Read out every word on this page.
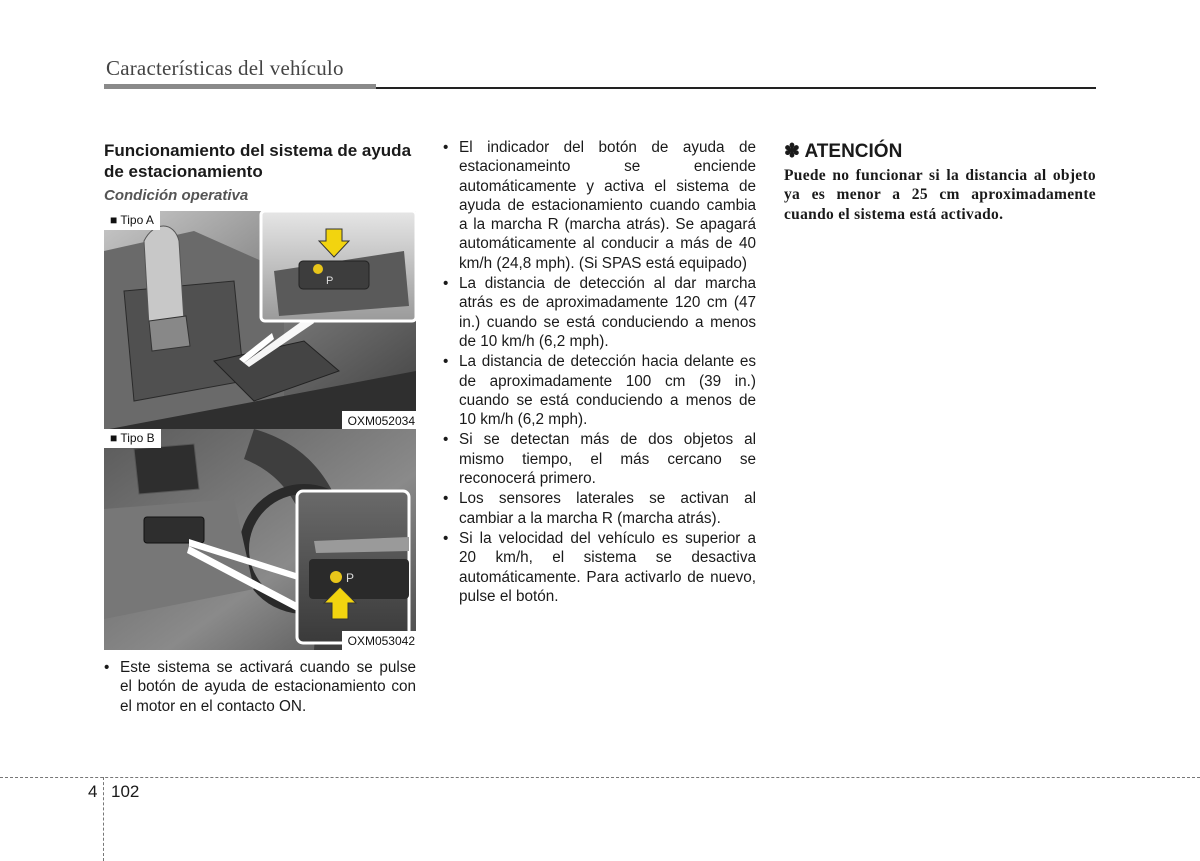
Características del vehículo
Funcionamiento del sistema de ayuda de estacionamiento
Condición operativa
P
■ Tipo A
OXM052034
P
■ Tipo B
OXM053042
• Este sistema se activará cuando se pulse el botón de ayuda de estacionamiento con el motor en el contacto ON.
• El indicador del botón de ayuda de estacionameinto se enciende automáticamente y activa el sistema de ayuda de estacionamiento cuando cambia a la marcha R (marcha atrás). Se apagará automáticamente al conducir a más de 40 km/h (24,8 mph). (Si SPAS está equipado)
• La distancia de detección al dar marcha atrás es de aproximadamente 120 cm (47 in.) cuando se está conduciendo a menos de 10 km/h (6,2 mph).
• La distancia de detección hacia delante es de aproximadamente 100 cm (39 in.) cuando se está conduciendo a menos de 10 km/h (6,2 mph).
• Si se detectan más de dos objetos al mismo tiempo, el más cercano se reconocerá primero.
• Los sensores laterales se activan al cambiar a la marcha R (marcha atrás).
• Si la velocidad del vehículo es superior a 20 km/h, el sistema se desactiva automáticamente. Para activarlo de nuevo, pulse el botón.
✽ ATENCIÓN
Puede no funcionar si la distancia al objeto ya es menor a 25 cm aproximadamente cuando el sistema está activado.
4 102
